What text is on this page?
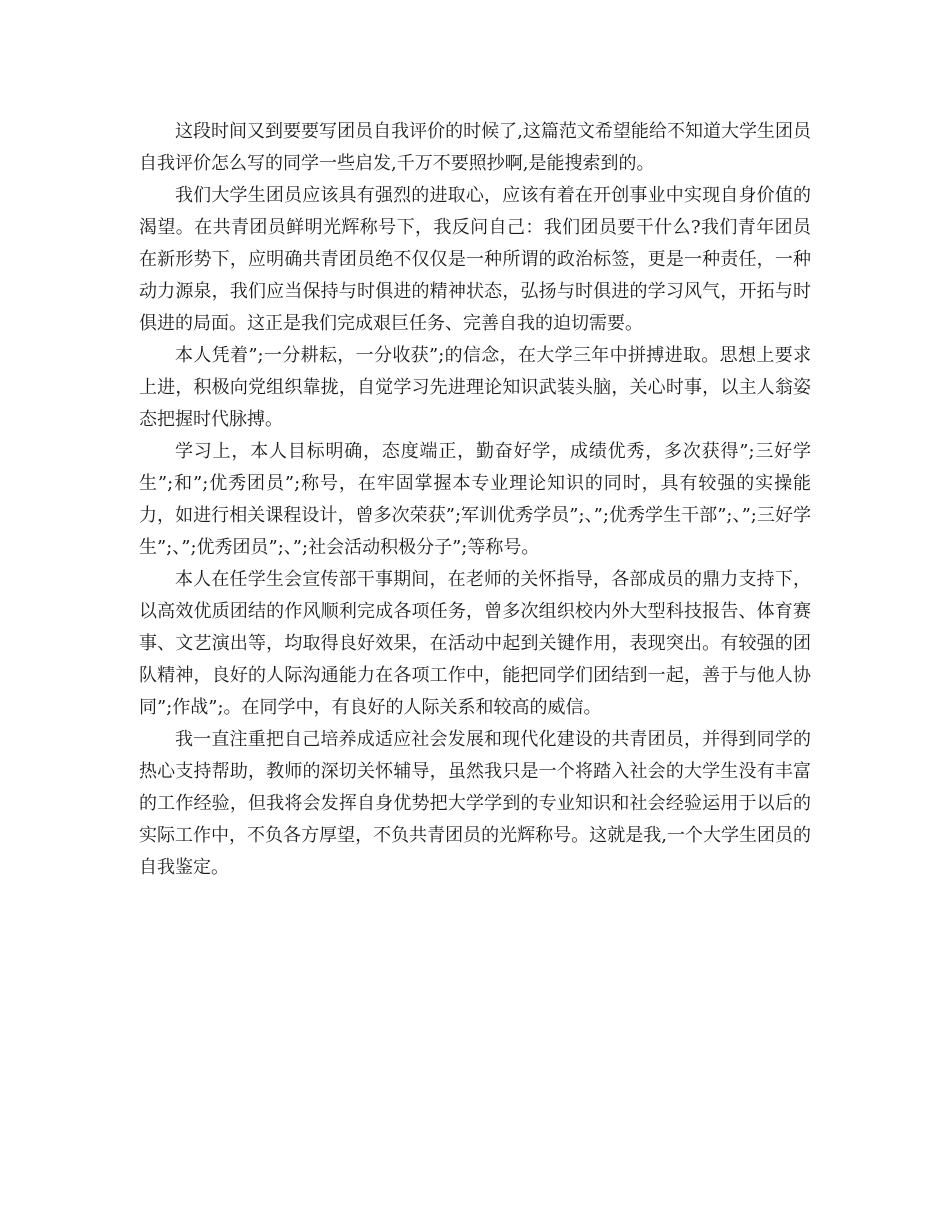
这段时间又到要要写团员自我评价的时候了,这篇范文希望能给不知道大学生团员自我评价怎么写的同学一些启发,千万不要照抄啊,是能搜索到的。

我们大学生团员应该具有强烈的进取心，应该有着在开创事业中实现自身价值的渴望。在共青团员鲜明光辉称号下，我反问自己：我们团员要干什么?我们青年团员在新形势下，应明确共青团员绝不仅仅是一种所谓的政治标签，更是一种责任，一种动力源泉，我们应当保持与时俱进的精神状态，弘扬与时俱进的学习风气，开拓与时俱进的局面。这正是我们完成艰巨任务、完善自我的迫切需要。

本人凭着”;一分耕耘，一分收获”;的信念，在大学三年中拼搏进取。思想上要求上进，积极向党组织靠拢，自觉学习先进理论知识武装头脑，关心时事，以主人翁姿态把握时代脉搏。

学习上，本人目标明确，态度端正，勤奋好学，成绩优秀，多次获得”;三好学生”;和”;优秀团员”;称号，在牢固掌握本专业理论知识的同时，具有较强的实操能力，如进行相关课程设计，曾多次荣获”;军训优秀学员”;、”;优秀学生干部”;、”;三好学生”;、”;优秀团员”;、”;社会活动积极分子”;等称号。

本人在任学生会宣传部干事期间，在老师的关怀指导，各部成员的鼎力支持下，以高效优质团结的作风顺利完成各项任务，曾多次组织校内外大型科技报告、体育赛事、文艺演出等，均取得良好效果，在活动中起到关键作用，表现突出。有较强的团队精神，良好的人际沟通能力在各项工作中，能把同学们团结到一起，善于与他人协同”;作战”;。在同学中，有良好的人际关系和较高的威信。

我一直注重把自己培养成适应社会发展和现代化建设的共青团员，并得到同学的热心支持帮助，教师的深切关怀辅导，虽然我只是一个将踏入社会的大学生没有丰富的工作经验，但我将会发挥自身优势把大学学到的专业知识和社会经验运用于以后的实际工作中，不负各方厚望，不负共青团员的光辉称号。这就是我,一个大学生团员的自我鉴定。
